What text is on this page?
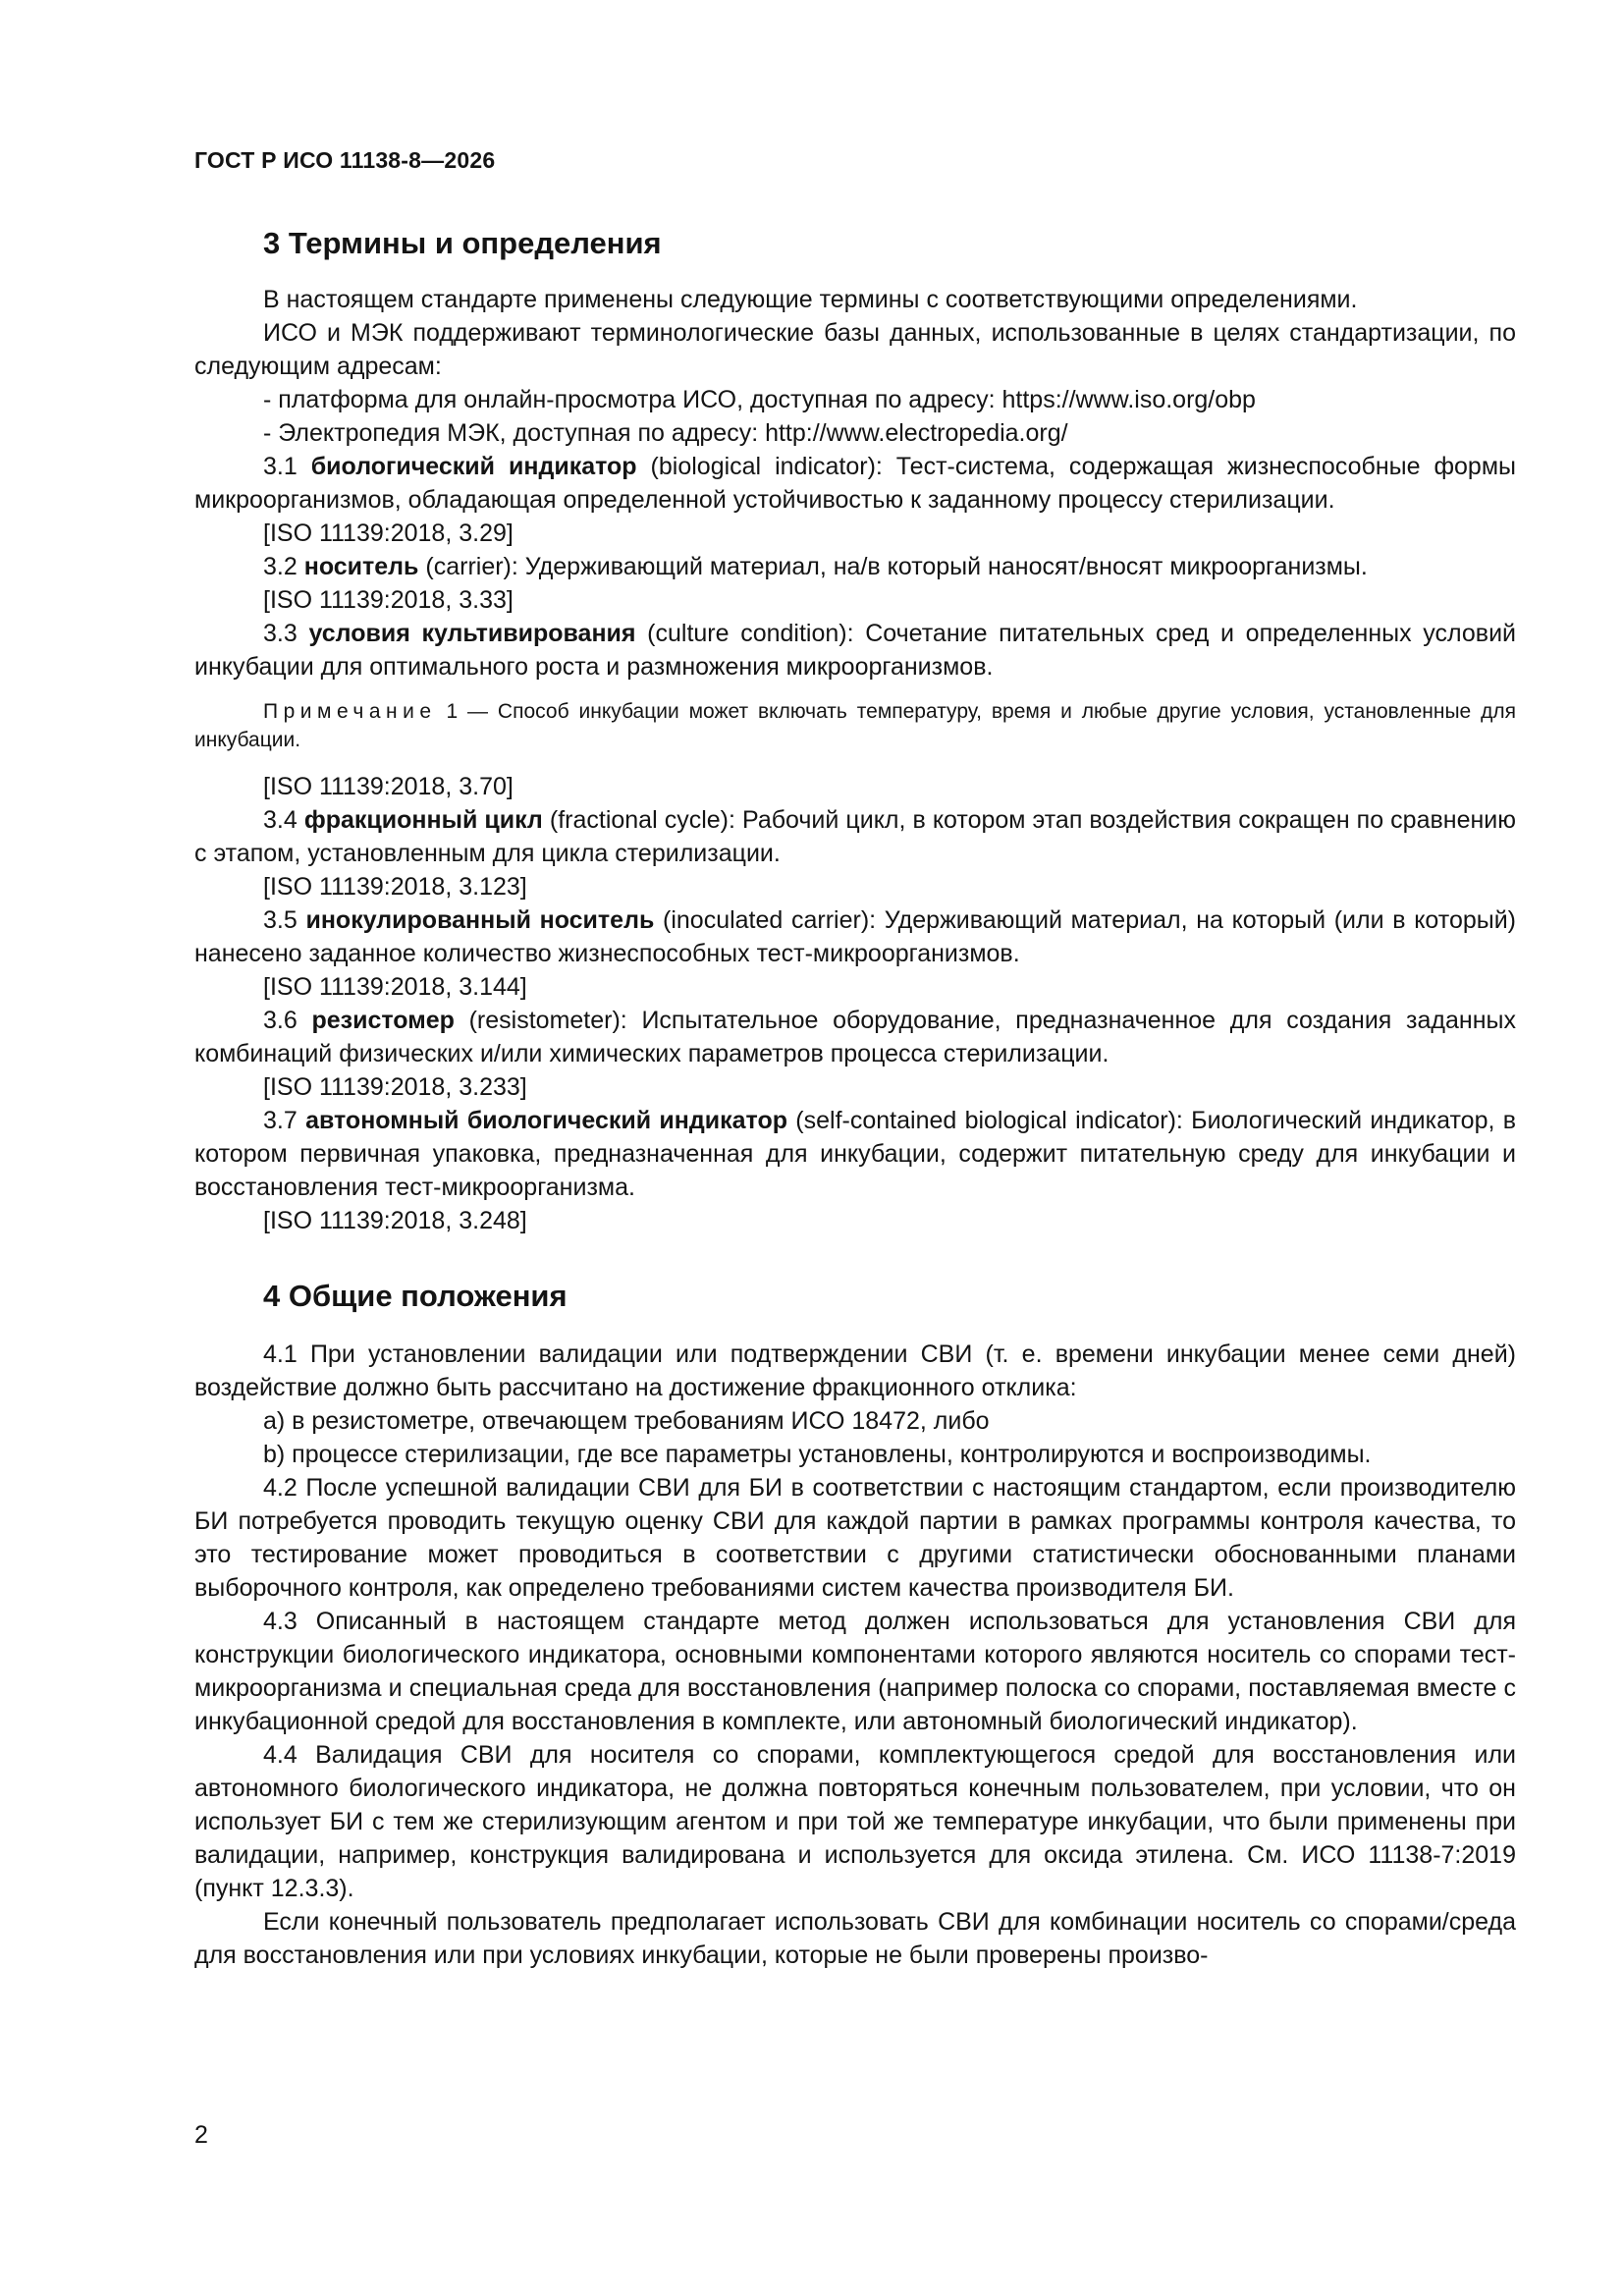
ГОСТ Р ИСО 11138-8—2026
3 Термины и определения

В настоящем стандарте применены следующие термины с соответствующими определениями.

ИСО и МЭК поддерживают терминологические базы данных, использованные в целях стандартизации, по следующим адресам:

- платформа для онлайн-просмотра ИСО, доступная по адресу: https://www.iso.org/obp

- Электропедия МЭК, доступная по адресу: http://www.electropedia.org/

3.1 биологический индикатор (biological indicator): Тест-система, содержащая жизнеспособные формы микроорганизмов, обладающая определенной устойчивостью к заданному процессу стерилизации.

[ISO 11139:2018, 3.29]

3.2 носитель (carrier): Удерживающий материал, на/в который наносят/вносят микроорганизмы.

[ISO 11139:2018, 3.33]

3.3 условия культивирования (culture condition): Сочетание питательных сред и определенных условий инкубации для оптимального роста и размножения микроорганизмов.

Примечание 1 — Способ инкубации может включать температуру, время и любые другие условия, установленные для инкубации.

[ISO 11139:2018, 3.70]

3.4 фракционный цикл (fractional cycle): Рабочий цикл, в котором этап воздействия сокращен по сравнению с этапом, установленным для цикла стерилизации.

[ISO 11139:2018, 3.123]

3.5 инокулированный носитель (inoculated carrier): Удерживающий материал, на который (или в который) нанесено заданное количество жизнеспособных тест-микроорганизмов.

[ISO 11139:2018, 3.144]

3.6 резистомер (resistometer): Испытательное оборудование, предназначенное для создания заданных комбинаций физических и/или химических параметров процесса стерилизации.

[ISO 11139:2018, 3.233]

3.7 автономный биологический индикатор (self-contained biological indicator): Биологический индикатор, в котором первичная упаковка, предназначенная для инкубации, содержит питательную среду для инкубации и восстановления тест-микроорганизма.

[ISO 11139:2018, 3.248]

4 Общие положения

4.1 При установлении валидации или подтверждении СВИ (т. е. времени инкубации менее семи дней) воздействие должно быть рассчитано на достижение фракционного отклика:

a) в резистометре, отвечающем требованиям ИСО 18472, либо

b) процессе стерилизации, где все параметры установлены, контролируются и воспроизводимы.

4.2 После успешной валидации СВИ для БИ в соответствии с настоящим стандартом, если производителю БИ потребуется проводить текущую оценку СВИ для каждой партии в рамках программы контроля качества, то это тестирование может проводиться в соответствии с другими статистически обоснованными планами выборочного контроля, как определено требованиями систем качества производителя БИ.

4.3 Описанный в настоящем стандарте метод должен использоваться для установления СВИ для конструкции биологического индикатора, основными компонентами которого являются носитель со спорами тест-микроорганизма и специальная среда для восстановления (например полоска со спорами, поставляемая вместе с инкубационной средой для восстановления в комплекте, или автономный биологический индикатор).

4.4 Валидация СВИ для носителя со спорами, комплектующегося средой для восстановления или автономного биологического индикатора, не должна повторяться конечным пользователем, при условии, что он использует БИ с тем же стерилизующим агентом и при той же температуре инкубации, что были применены при валидации, например, конструкция валидирована и используется для оксида этилена. См. ИСО 11138-7:2019 (пункт 12.3.3).

Если конечный пользователь предполагает использовать СВИ для комбинации носитель со спорами/среда для восстановления или при условиях инкубации, которые не были проверены произво-

2
